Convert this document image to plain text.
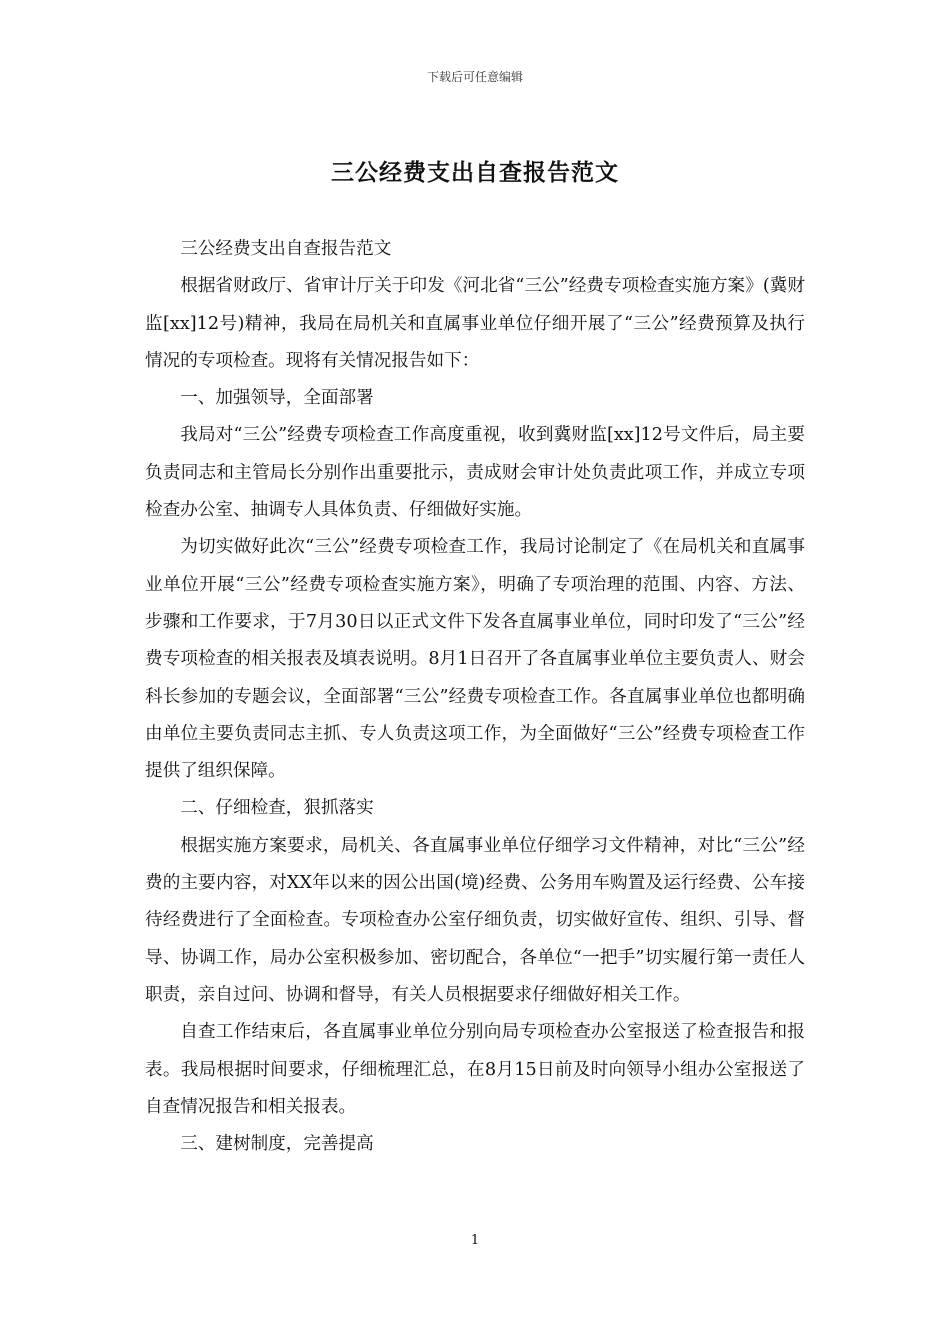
下载后可任意编辑
三公经费支出自查报告范文

三公经费支出自查报告范文

根据省财政厅、省审计厅关于印发《河北省“三公”经费专项检查实施方案》(冀财监[xx]12号)精神，我局在局机关和直属事业单位仔细开展了“三公”经费预算及执行情况的专项检查。现将有关情况报告如下：

一、加强领导，全面部署

我局对“三公”经费专项检查工作高度重视，收到冀财监[xx]12号文件后，局主要负责同志和主管局长分别作出重要批示，责成财会审计处负责此项工作，并成立专项检查办公室、抽调专人具体负责、仔细做好实施。

为切实做好此次“三公”经费专项检查工作，我局讨论制定了《在局机关和直属事业单位开展“三公”经费专项检查实施方案》，明确了专项治理的范围、内容、方法、步骤和工作要求，于7月30日以正式文件下发各直属事业单位，同时印发了“三公”经费专项检查的相关报表及填表说明。8月1日召开了各直属事业单位主要负责人、财会科长参加的专题会议，全面部署“三公”经费专项检查工作。各直属事业单位也都明确由单位主要负责同志主抓、专人负责这项工作，为全面做好“三公”经费专项检查工作提供了组织保障。

二、仔细检查，狠抓落实

根据实施方案要求，局机关、各直属事业单位仔细学习文件精神，对比“三公”经费的主要内容，对XX年以来的因公出国(境)经费、公务用车购置及运行经费、公车接待经费进行了全面检查。专项检查办公室仔细负责，切实做好宣传、组织、引导、督导、协调工作，局办公室积极参加、密切配合，各单位“一把手”切实履行第一责任人职责，亲自过问、协调和督导，有关人员根据要求仔细做好相关工作。

自查工作结束后，各直属事业单位分别向局专项检查办公室报送了检查报告和报表。我局根据时间要求，仔细梳理汇总，在8月15日前及时向领导小组办公室报送了自查情况报告和相关报表。

三、建树制度，完善提高

1
